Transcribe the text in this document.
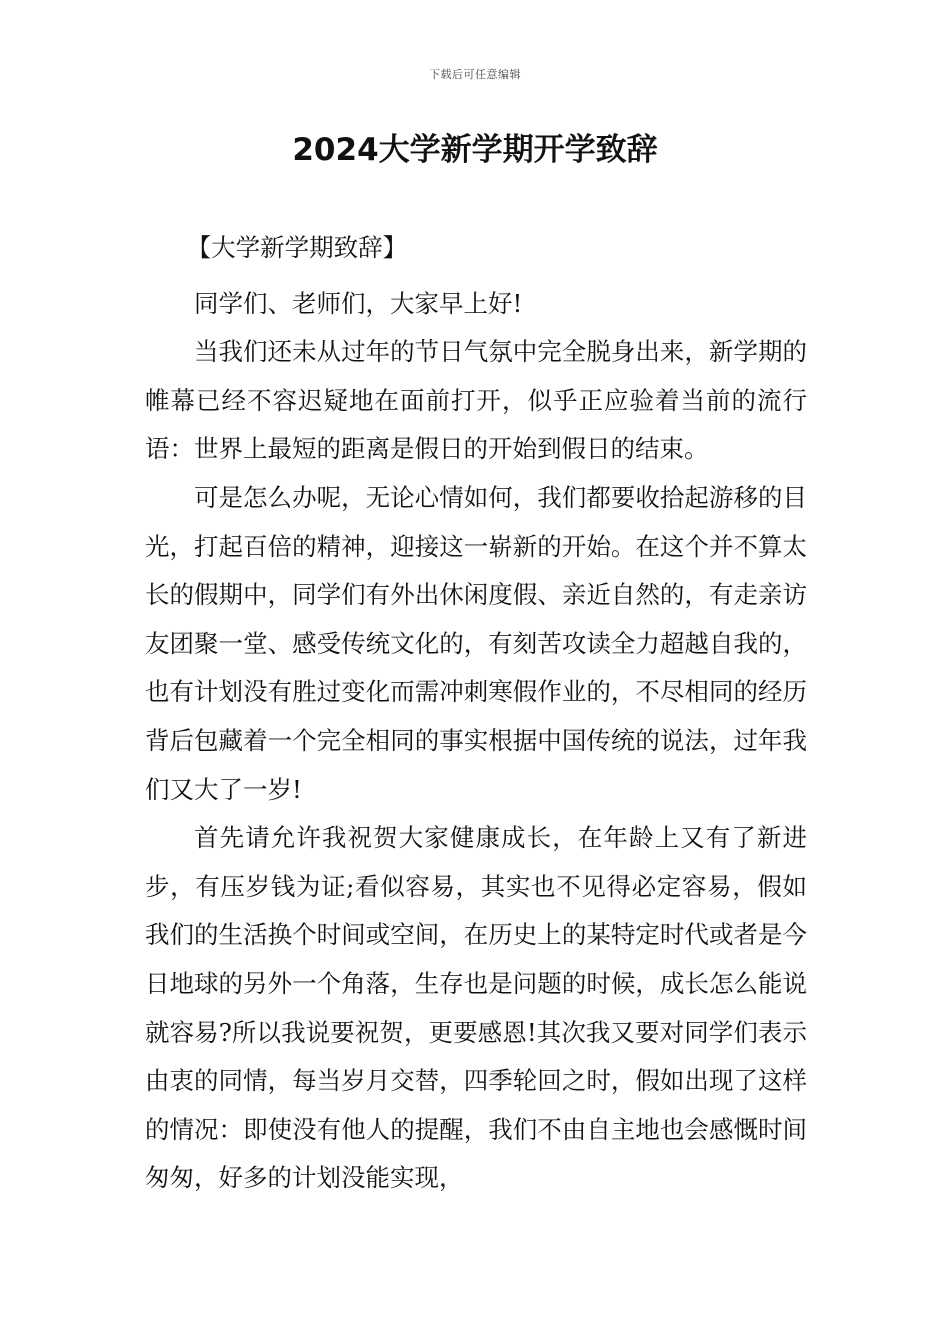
下载后可任意编辑
2024大学新学期开学致辞

【大学新学期致辞】

同学们、老师们，大家早上好!

当我们还未从过年的节日气氛中完全脱身出来，新学期的帷幕已经不容迟疑地在面前打开，似乎正应验着当前的流行语：世界上最短的距离是假日的开始到假日的结束。

可是怎么办呢，无论心情如何，我们都要收拾起游移的目光，打起百倍的精神，迎接这一崭新的开始。在这个并不算太长的假期中，同学们有外出休闲度假、亲近自然的，有走亲访友团聚一堂、感受传统文化的，有刻苦攻读全力超越自我的，也有计划没有胜过变化而需冲刺寒假作业的，不尽相同的经历背后包藏着一个完全相同的事实根据中国传统的说法，过年我们又大了一岁!

首先请允许我祝贺大家健康成长，在年龄上又有了新进步，有压岁钱为证;看似容易，其实也不见得必定容易，假如我们的生活换个时间或空间，在历史上的某特定时代或者是今日地球的另外一个角落，生存也是问题的时候，成长怎么能说就容易?所以我说要祝贺，更要感恩!其次我又要对同学们表示由衷的同情，每当岁月交替，四季轮回之时，假如出现了这样的情况：即使没有他人的提醒，我们不由自主地也会感慨时间匆匆，好多的计划没能实现，
